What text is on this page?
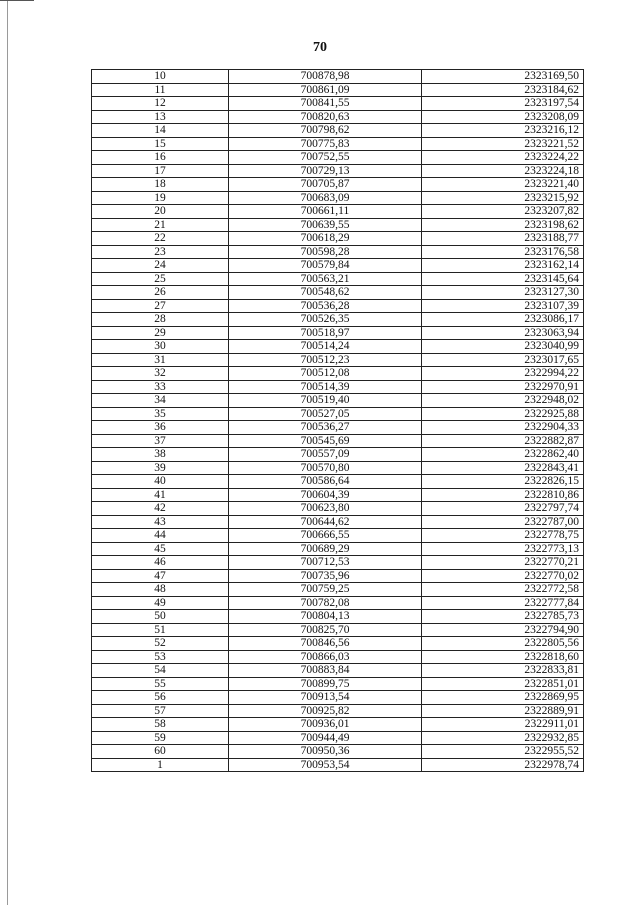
70
10	700878,98	2323169,50
11	700861,09	2323184,62
12	700841,55	2323197,54
13	700820,63	2323208,09
14	700798,62	2323216,12
15	700775,83	2323221,52
16	700752,55	2323224,22
17	700729,13	2323224,18
18	700705,87	2323221,40
19	700683,09	2323215,92
20	700661,11	2323207,82
21	700639,55	2323198,62
22	700618,29	2323188,77
23	700598,28	2323176,58
24	700579,84	2323162,14
25	700563,21	2323145,64
26	700548,62	2323127,30
27	700536,28	2323107,39
28	700526,35	2323086,17
29	700518,97	2323063,94
30	700514,24	2323040,99
31	700512,23	2323017,65
32	700512,08	2322994,22
33	700514,39	2322970,91
34	700519,40	2322948,02
35	700527,05	2322925,88
36	700536,27	2322904,33
37	700545,69	2322882,87
38	700557,09	2322862,40
39	700570,80	2322843,41
40	700586,64	2322826,15
41	700604,39	2322810,86
42	700623,80	2322797,74
43	700644,62	2322787,00
44	700666,55	2322778,75
45	700689,29	2322773,13
46	700712,53	2322770,21
47	700735,96	2322770,02
48	700759,25	2322772,58
49	700782,08	2322777,84
50	700804,13	2322785,73
51	700825,70	2322794,90
52	700846,56	2322805,56
53	700866,03	2322818,60
54	700883,84	2322833,81
55	700899,75	2322851,01
56	700913,54	2322869,95
57	700925,82	2322889,91
58	700936,01	2322911,01
59	700944,49	2322932,85
60	700950,36	2322955,52
1	700953,54	2322978,74
